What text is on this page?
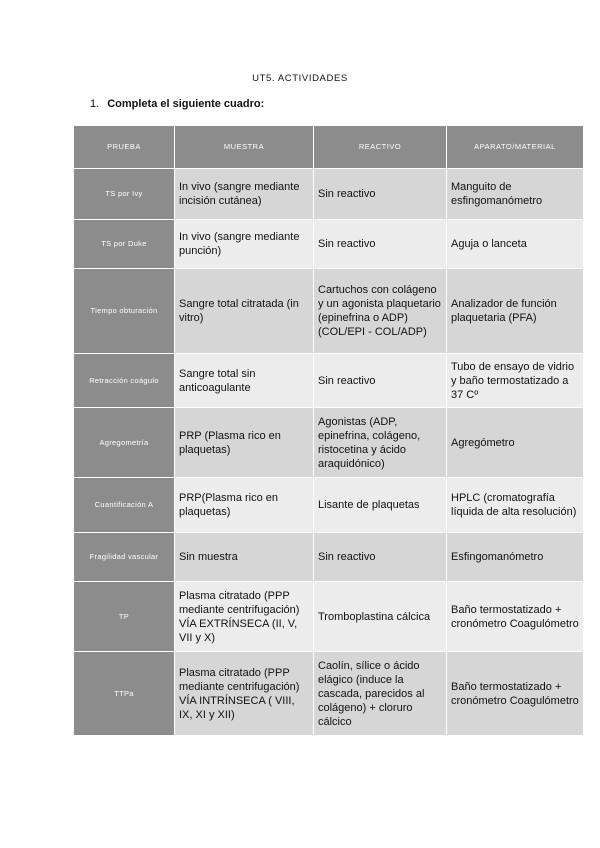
UT5. ACTIVIDADES
1. Completa el siguiente cuadro:
PRUEBA	MUESTRA	REACTIVO	APARATO/MATERIAL
TS por Ivy	In vivo (sangre mediante incisión cutánea)	Sin reactivo	Manguito de esfingomanómetro
TS por Duke	In vivo (sangre mediante punción)	Sin reactivo	Aguja o lanceta
Tiempo obturación	Sangre total citratada (in vitro)	Cartuchos con colágeno y un agonista plaquetario (epinefrina o ADP) (COL/EPI - COL/ADP)	Analizador de función plaquetaria (PFA)
Retracción coágulo	Sangre total sin anticoagulante	Sin reactivo	Tubo de ensayo de vidrio y baño termostatizado a 37 Cº
Agregometría	PRP (Plasma rico en plaquetas)	Agonistas (ADP, epinefrina, colágeno, ristocetina y ácido araquidónico)	Agregómetro
Cuantificación A	PRP(Plasma rico en plaquetas)	Lisante de plaquetas	HPLC (cromatografía líquida de alta resolución)
Fragilidad vascular	Sin muestra	Sin reactivo	Esfingomanómetro
TP	Plasma citratado (PPP mediante centrifugación) VÍA EXTRÍNSECA (II, V, VII y X)	Tromboplastina cálcica	Baño termostatizado + cronómetro Coagulómetro
TTPa	Plasma citratado (PPP mediante centrifugación) VÍA INTRÍNSECA ( VIII, IX, XI y XII)	Caolín, sílice o ácido elágico (induce la cascada, parecidos al colágeno) + cloruro cálcico	Baño termostatizado + cronómetro Coagulómetro
